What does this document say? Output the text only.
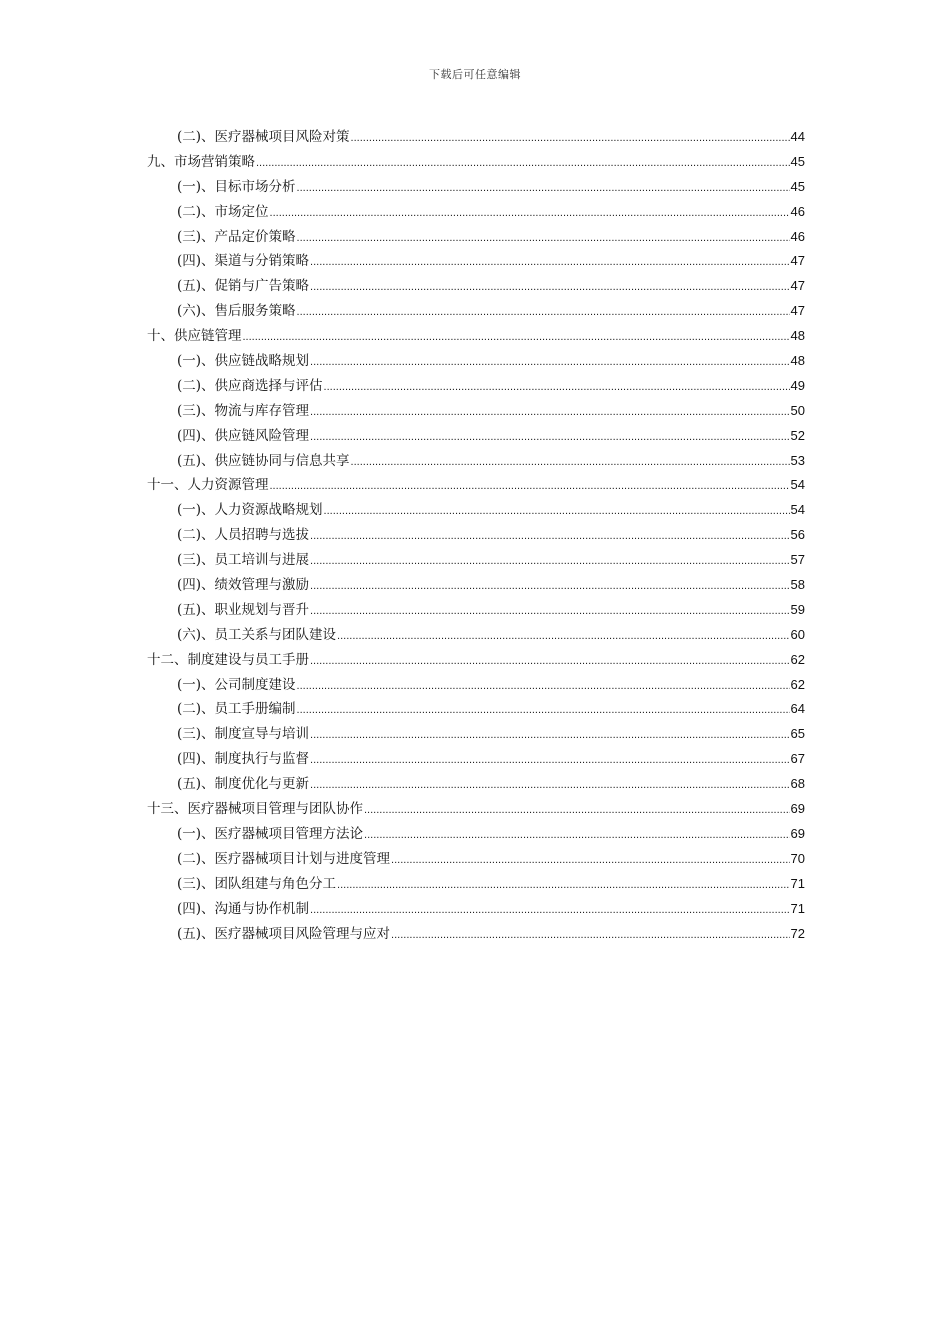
下载后可任意编辑
(二)、医疗器械项目风险对策 .....	44
九、市场营销策略 .....	45
(一)、目标市场分析 .....	45
(二)、市场定位 .....	46
(三)、产品定价策略 .....	46
(四)、渠道与分销策略 .....	47
(五)、促销与广告策略 .....	47
(六)、售后服务策略 .....	47
十、供应链管理 .....	48
(一)、供应链战略规划 .....	48
(二)、供应商选择与评估 .....	49
(三)、物流与库存管理 .....	50
(四)、供应链风险管理 .....	52
(五)、供应链协同与信息共享 .....	53
十一、人力资源管理 .....	54
(一)、人力资源战略规划 .....	54
(二)、人员招聘与选拔 .....	56
(三)、员工培训与进展 .....	57
(四)、绩效管理与激励 .....	58
(五)、职业规划与晋升 .....	59
(六)、员工关系与团队建设 .....	60
十二、制度建设与员工手册 .....	62
(一)、公司制度建设 .....	62
(二)、员工手册编制 .....	64
(三)、制度宣导与培训 .....	65
(四)、制度执行与监督 .....	67
(五)、制度优化与更新 .....	68
十三、医疗器械项目管理与团队协作 .....	69
(一)、医疗器械项目管理方法论 .....	69
(二)、医疗器械项目计划与进度管理 .....	70
(三)、团队组建与角色分工 .....	71
(四)、沟通与协作机制 .....	71
(五)、医疗器械项目风险管理与应对 .....	72
